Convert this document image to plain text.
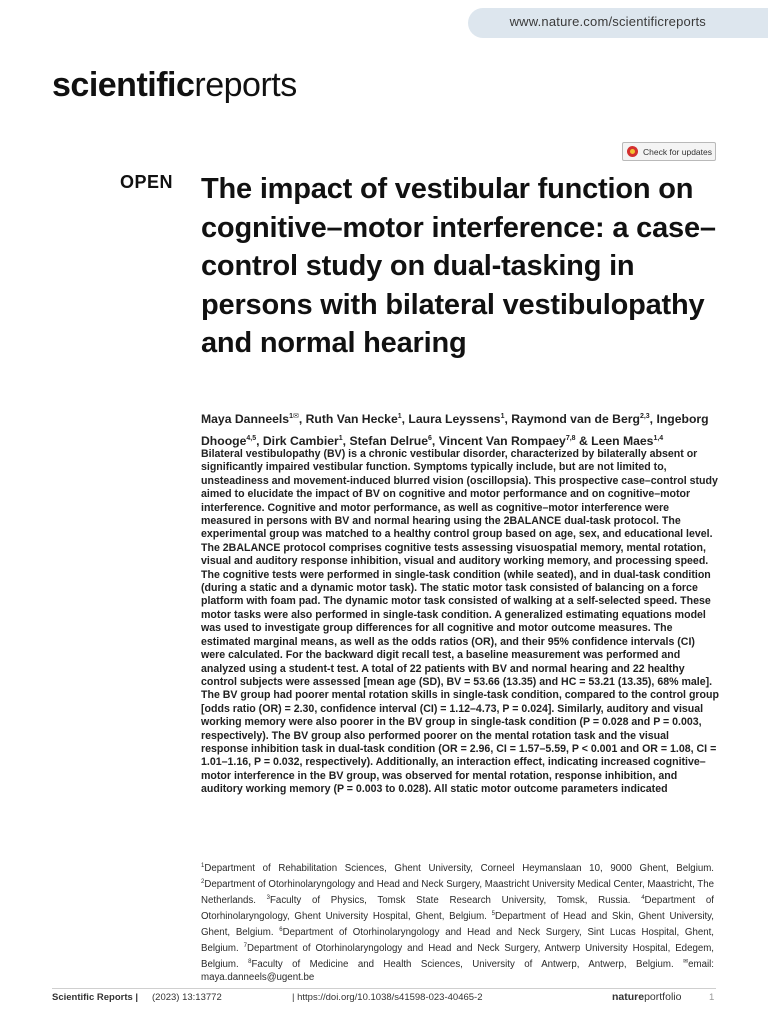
www.nature.com/scientificreports
scientificreports
Check for updates
OPEN The impact of vestibular function on cognitive–motor interference: a case–control study on dual-tasking in persons with bilateral vestibulopathy and normal hearing
Maya Danneels$^{1✉}$, Ruth Van Hecke$^1$, Laura Leyssens$^1$, Raymond van de Berg$^{2,3}$, Ingeborg Dhooge$^{4,5}$, Dirk Cambier$^1$, Stefan Delrue$^6$, Vincent Van Rompaey$^{7,8}$ & Leen Maes$^{1,4}$

Bilateral vestibulopathy (BV) is a chronic vestibular disorder, characterized by bilaterally absent or significantly impaired vestibular function. Symptoms typically include, but are not limited to, unsteadiness and movement-induced blurred vision (oscillopsia). This prospective case–control study aimed to elucidate the impact of BV on cognitive and motor performance and on cognitive–motor interference. Cognitive and motor performance, as well as cognitive–motor interference were measured in persons with BV and normal hearing using the 2BALANCE dual-task protocol. The experimental group was matched to a healthy control group based on age, sex, and educational level. The 2BALANCE protocol comprises cognitive tests assessing visuospatial memory, mental rotation, visual and auditory response inhibition, visual and auditory working memory, and processing speed. The cognitive tests were performed in single-task condition (while seated), and in dual-task condition (during a static and a dynamic motor task). The static motor task consisted of balancing on a force platform with foam pad. The dynamic motor task consisted of walking at a self-selected speed. These motor tasks were also performed in single-task condition. A generalized estimating equations model was used to investigate group differences for all cognitive and motor outcome measures. The estimated marginal means, as well as the odds ratios (OR), and their 95% confidence intervals (CI) were calculated. For the backward digit recall test, a baseline measurement was performed and analyzed using a student-t test. A total of 22 patients with BV and normal hearing and 22 healthy control subjects were assessed [mean age (SD), BV = 53.66 (13.35) and HC = 53.21 (13.35), 68% male]. The BV group had poorer mental rotation skills in single-task condition, compared to the control group [odds ratio (OR) = 2.30, confidence interval (CI) = 1.12–4.73, P = 0.024]. Similarly, auditory and visual working memory were also poorer in the BV group in single-task condition (P = 0.028 and P = 0.003, respectively). The BV group also performed poorer on the mental rotation task and the visual response inhibition task in dual-task condition (OR = 2.96, CI = 1.57–5.59, P < 0.001 and OR = 1.08, CI = 1.01–1.16, P = 0.032, respectively). Additionally, an interaction effect, indicating increased cognitive–motor interference in the BV group, was observed for mental rotation, response inhibition, and auditory working memory (P = 0.003 to 0.028). All static motor outcome parameters indicated

$^1$Department of Rehabilitation Sciences, Ghent University, Corneel Heymanslaan 10, 9000 Ghent, Belgium. $^2$Department of Otorhinolaryngology and Head and Neck Surgery, Maastricht University Medical Center, Maastricht, The Netherlands. $^3$Faculty of Physics, Tomsk State Research University, Tomsk, Russia. $^4$Department of Otorhinolaryngology, Ghent University Hospital, Ghent, Belgium. $^5$Department of Head and Skin, Ghent University, Ghent, Belgium. $^6$Department of Otorhinolaryngology and Head and Neck Surgery, Sint Lucas Hospital, Ghent, Belgium. $^7$Department of Otorhinolaryngology and Head and Neck Surgery, Antwerp University Hospital, Edegem, Belgium. $^8$Faculty of Medicine and Health Sciences, University of Antwerp, Antwerp, Belgium. ✉email: maya.danneels@ugent.be

Scientific Reports | (2023) 13:13772	| https://doi.org/10.1038/s41598-023-40465-2	natureportfolio	1
